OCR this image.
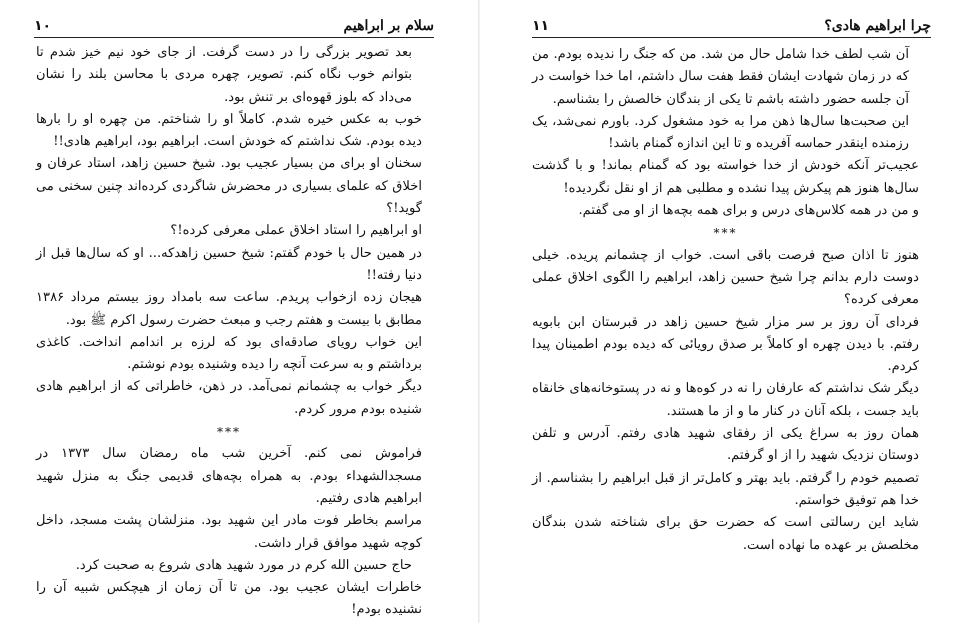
سلام بر ابراهیم
۱۰

بعد تصویر بزرگی را در دست گرفت. از جای خود نیم خیز شدم تا بتوانم خوب نگاه کنم. تصویر، چهره مردی با محاسن بلند را نشان می‌داد که بلوز قهوه‌ای بر تنش بود.

خوب به عکس خیره شدم. کاملاً او را شناختم. من چهره او را بارها دیده بودم. شک نداشتم که خودش است. ابراهیم بود، ابراهیم هادی!!

سخنان او برای من بسیار عجیب بود. شیخ حسین زاهد، استاد عرفان و اخلاق که علمای بسیاری در محضرش شاگردی کرده‌اند چنین سخنی می گوید!؟

او ابراهیم را استاد اخلاق عملی معرفی کرده‌!؟

در همین حال با خودم گفتم: شیخ حسین زاهدکه... او که سال‌ها قبل از دنیا رفته!!

هیجان زده ازخواب پریدم. ساعت سه بامداد روز بیستم مرداد ۱۳۸۶ مطابق با بیست و هفتم رجب و مبعث حضرت رسول اکرم ﷺ بود.

این خواب رویای صادقه‌ای بود که لرزه بر اندامم انداخت. کاغذی برداشتم و به سرعت آنچه را دیده وشنیده بودم نوشتم.

دیگر خواب به چشمانم نمی‌آمد. در ذهن، خاطراتی که از ابراهیم هادی شنیده بودم مرور کردم.

***

فراموش نمی کنم. آخرین شب ماه رمضان سال ۱۳۷۳ در مسجدالشهداء بودم. به همراه بچه‌های قدیمی جنگ به منزل شهید ابراهیم هادی رفتیم.

مراسم بخاطر فوت مادر این شهید بود. منزلشان پشت مسجد، داخل کوچه شهید موافق قرار داشت.

حاج حسین الله کرم در مورد شهید هادی شروع به صحبت کرد.

خاطرات ایشان عجیب بود. من تا آن زمان از هیچکس شبیه آن را نشنیده بودم!

چرا ابراهیم هادی؟
۱۱

آن شب لطف خدا شامل حال من شد. من که جنگ را ندیده بودم. من که در زمان شهادت ایشان فقط هفت سال داشتم، اما خدا خواست در آن جلسه حضور داشته باشم تا یکی از بندگان خالصش را بشناسم.

این صحبت‌ها سال‌ها ذهن مرا به خود مشغول کرد. باورم نمی‌شد، یک رزمنده اینقدر حماسه آفریده و تا این اندازه گمنام باشد!

عجیب‌تر آنکه خودش از خدا خواسته بود که گمنام بماند! و با گذشت سال‌ها هنوز هم پیکرش پیدا نشده و مطلبی هم از او نقل نگردیده!

و من در همه کلاس‌های درس و برای همه بچه‌ها از او می گفتم.

***

هنوز تا اذان صبح فرصت باقی است. خواب از چشمانم پریده. خیلی دوست دارم بدانم چرا شیخ حسین زاهد، ابراهیم را الگوی اخلاق عملی معرفی کرده؟

فردای آن روز بر سر مزار شیخ حسین زاهد در قبرستان ابن بابویه رفتم. با دیدن چهره او کاملاً بر صدق رویائی که دیده بودم اطمینان پیدا کردم.

دیگر شک نداشتم که عارفان را نه در کوه‌ها و نه در پستوخانه‌های خانقاه باید جست ، بلکه آنان در کنار ما و از ما هستند.

همان روز به سراغ یکی از رفقای شهید هادی رفتم. آدرس و تلفن دوستان نزدیک شهید را از او گرفتم.

تصمیم خودم را گرفتم. باید بهتر و کامل‌تر از قبل ابراهیم را بشناسم. از خدا هم توفیق خواستم.

شاید این رسالتی است که حضرت حق برای شناخته شدن بندگان مخلصش بر عهده ما نهاده است.
